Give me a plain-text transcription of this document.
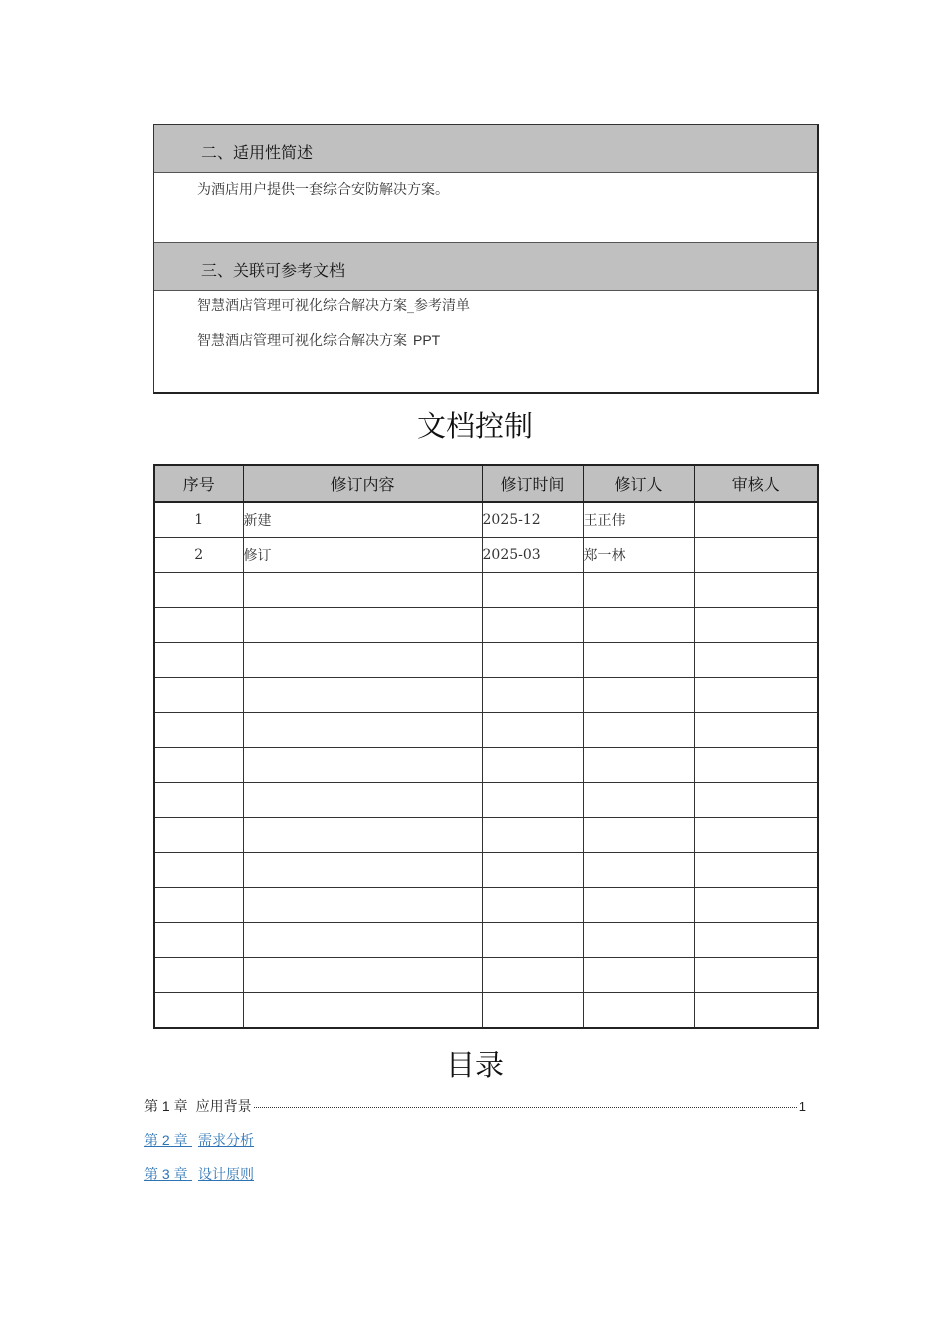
二、适用性简述
为酒店用户提供一套综合安防解决方案。
三、关联可参考文档
智慧酒店管理可视化综合解决方案_参考清单
智慧酒店管理可视化综合解决方案 PPT
文档控制
序号	修订内容	修订时间	修订人	审核人
1	新建	2025-12	王正伟	
2	修订	2025-03	郑一林	

目录
第 1 章 应用背景	1
第 2 章 需求分析
第 3 章 设计原则
